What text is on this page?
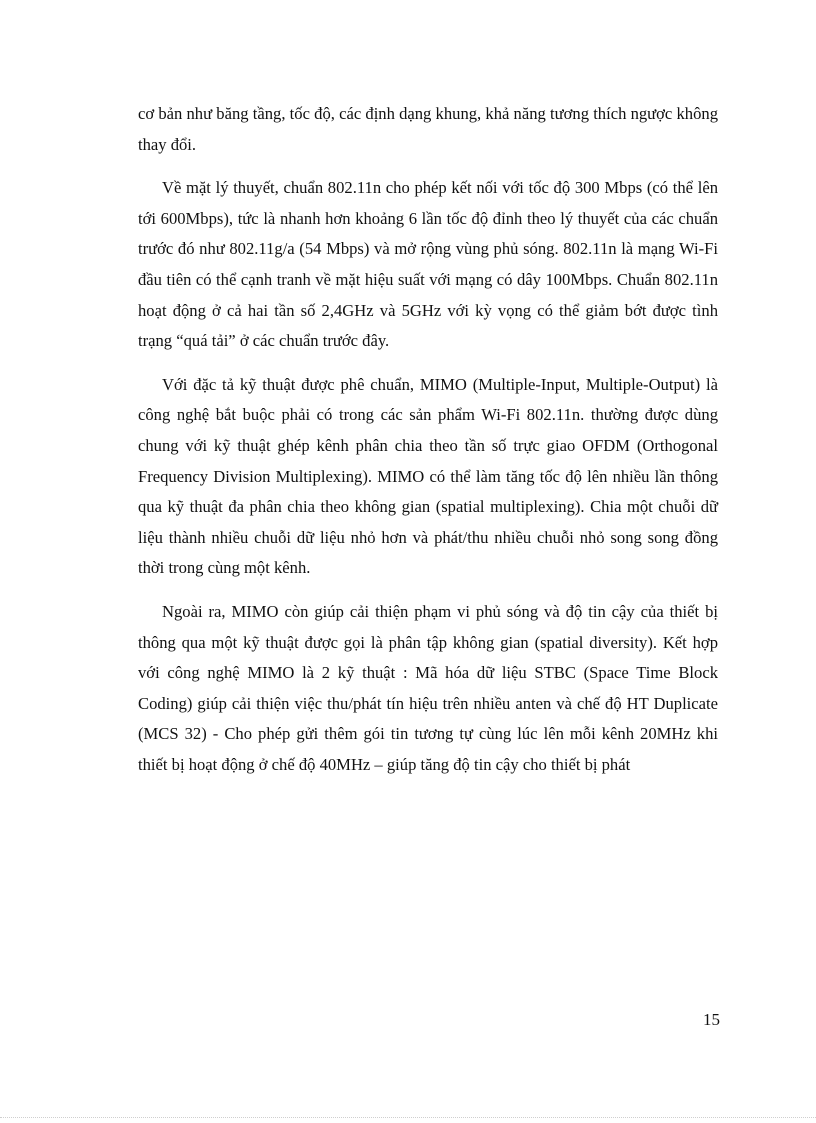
cơ bản như băng tầng, tốc độ, các định dạng khung, khả năng tương thích ngược không thay đổi.

Về mặt lý thuyết, chuẩn 802.11n cho phép kết nối với tốc độ 300 Mbps (có thể lên tới 600Mbps), tức là nhanh hơn khoảng 6 lần tốc độ đỉnh theo lý thuyết của các chuẩn trước đó như 802.11g/a (54 Mbps) và mở rộng vùng phủ sóng. 802.11n là mạng Wi-Fi đầu tiên có thể cạnh tranh về mặt hiệu suất với mạng có dây 100Mbps. Chuẩn 802.11n hoạt động ở cả hai tần số 2,4GHz và 5GHz với kỳ vọng có thể giảm bớt được tình trạng “quá tải” ở các chuẩn trước đây.

Với đặc tả kỹ thuật được phê chuẩn, MIMO (Multiple-Input, Multiple-Output) là công nghệ bắt buộc phải có trong các sản phẩm Wi-Fi 802.11n. thường được dùng chung với kỹ thuật ghép kênh phân chia theo tần số trực giao OFDM (Orthogonal Frequency Division Multiplexing). MIMO có thể làm tăng tốc độ lên nhiều lần thông qua kỹ thuật đa phân chia theo không gian (spatial multiplexing). Chia một chuỗi dữ liệu thành nhiều chuỗi dữ liệu nhỏ hơn và phát/thu nhiều chuỗi nhỏ song song đồng thời trong cùng một kênh.

Ngoài ra, MIMO còn giúp cải thiện phạm vi phủ sóng và độ tin cậy của thiết bị thông qua một kỹ thuật được gọi là phân tập không gian (spatial diversity). Kết hợp với công nghệ MIMO là 2 kỹ thuật : Mã hóa dữ liệu STBC (Space Time Block Coding) giúp cải thiện việc thu/phát tín hiệu trên nhiều anten và chế độ HT Duplicate (MCS 32) - Cho phép gửi thêm gói tin tương tự cùng lúc lên mỗi kênh 20MHz khi thiết bị hoạt động ở chế độ 40MHz – giúp tăng độ tin cậy cho thiết bị phát

15
